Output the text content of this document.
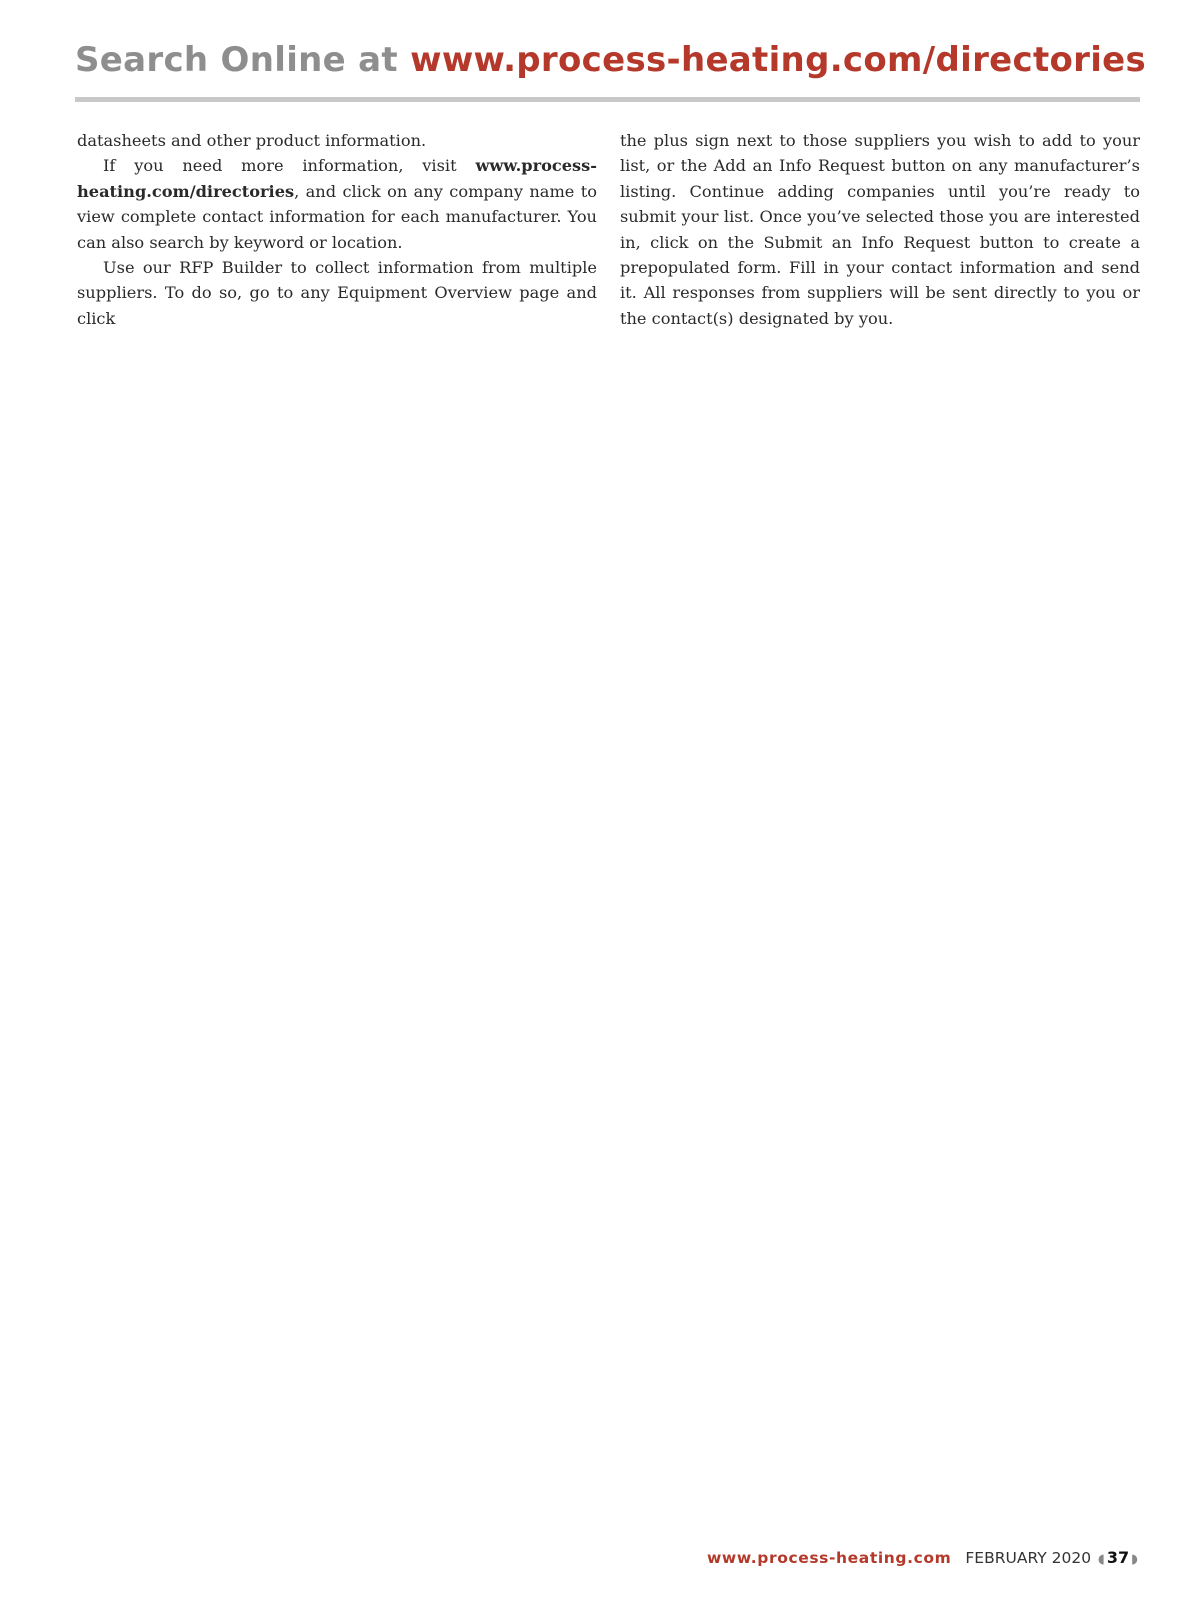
Search Online at www.process-heating.com/directories

datasheets and other product information.

If you need more information, visit www.process-heating.com/directories, and click on any company name to view complete contact information for each manufacturer. You can also search by keyword or location.

Use our RFP Builder to collect information from multiple suppliers. To do so, go to any Equipment Overview page and click

the plus sign next to those suppliers you wish to add to your list, or the Add an Info Request button on any manufacturer’s listing. Continue adding companies until you’re ready to submit your list. Once you’ve selected those you are interested in, click on the Submit an Info Request button to create a prepopulated form. Fill in your contact information and send it. All responses from suppliers will be sent directly to you or the contact(s) designated by you.

www.process-heating.com FEBRUARY 2020 ◖ 37 ◗
